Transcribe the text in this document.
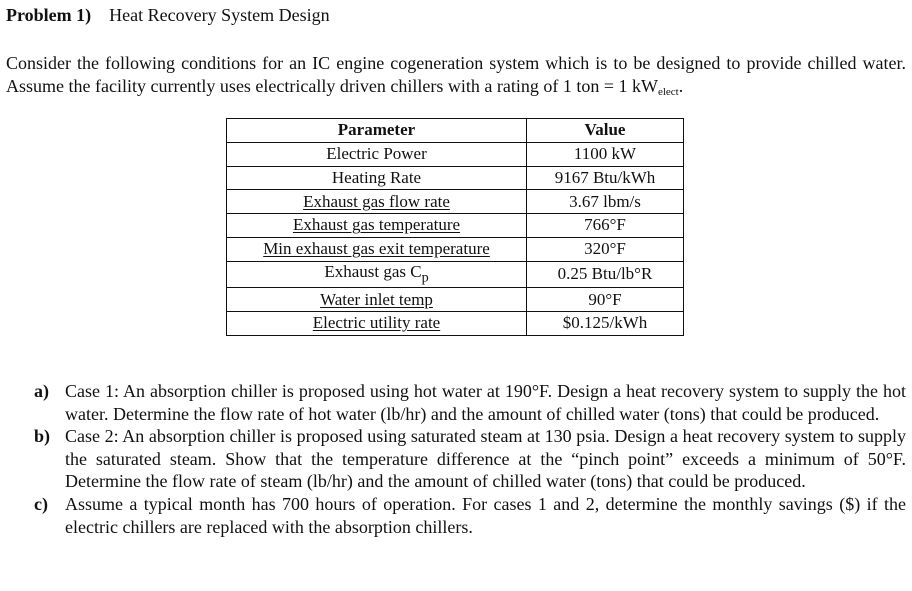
Problem 1) Heat Recovery System Design
Consider the following conditions for an IC engine cogeneration system which is to be designed to provide chilled water. Assume the facility currently uses electrically driven chillers with a rating of 1 ton = 1 $kW_{elect}$.
Parameter	Value
Electric Power	1100 kW
Heating Rate	9167 Btu/kWh
Exhaust gas flow rate	3.67 lbm/s
Exhaust gas temperature	766°F
Min exhaust gas exit temperature	320°F
Exhaust gas $C_p$	0.25 Btu/lb°R
Water inlet temp	90°F
Electric utility rate	$0.125/kWh
a) Case 1: An absorption chiller is proposed using hot water at 190°F. Design a heat recovery system to supply the hot water. Determine the flow rate of hot water (lb/hr) and the amount of chilled water (tons) that could be produced.
b) Case 2: An absorption chiller is proposed using saturated steam at 130 psia. Design a heat recovery system to supply the saturated steam. Show that the temperature difference at the “pinch point” exceeds a minimum of 50°F. Determine the flow rate of steam (lb/hr) and the amount of chilled water (tons) that could be produced.
c) Assume a typical month has 700 hours of operation. For cases 1 and 2, determine the monthly savings ($) if the electric chillers are replaced with the absorption chillers.
